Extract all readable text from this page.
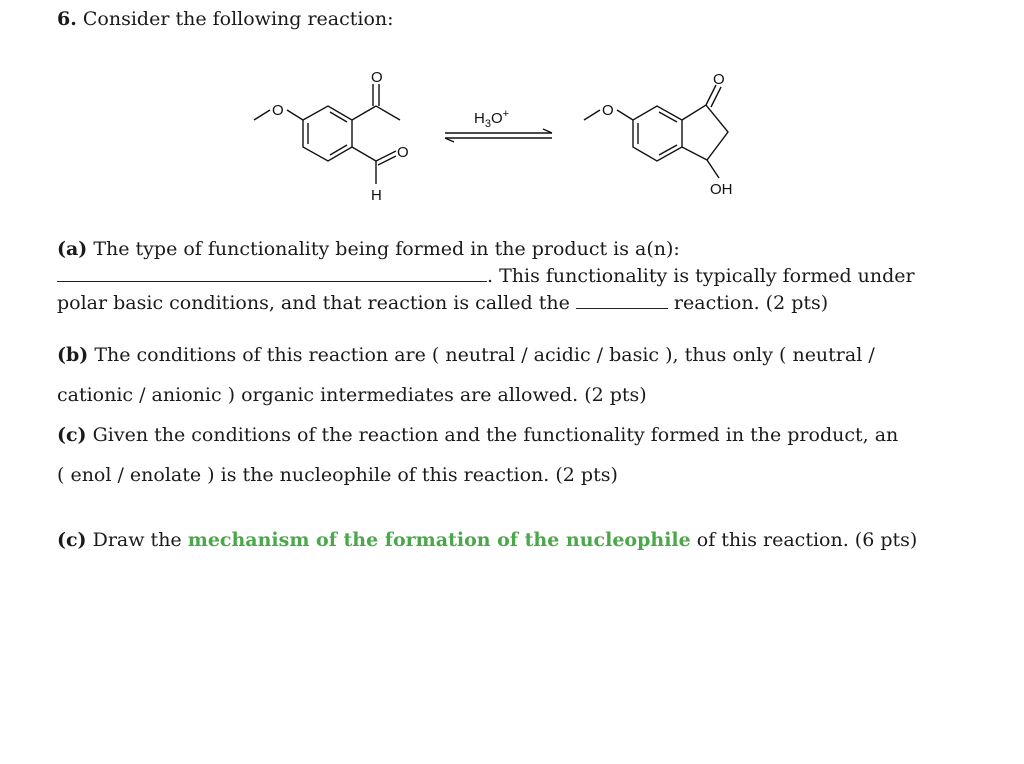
6. Consider the following reaction:
O
O
O
H
$H_3O^+$	O
O
OH
(a) The type of functionality being formed in the product is a(n):
. This functionality is typically formed under
polar basic conditions, and that reaction is called the	reaction. (2 pts)
(b) The conditions of this reaction are ( neutral / acidic / basic ), thus only ( neutral /
cationic / anionic ) organic intermediates are allowed. (2 pts)
(c) Given the conditions of the reaction and the functionality formed in the product, an
( enol / enolate ) is the nucleophile of this reaction. (2 pts)
(c) Draw the mechanism of the formation of the nucleophile of this reaction. (6 pts)
